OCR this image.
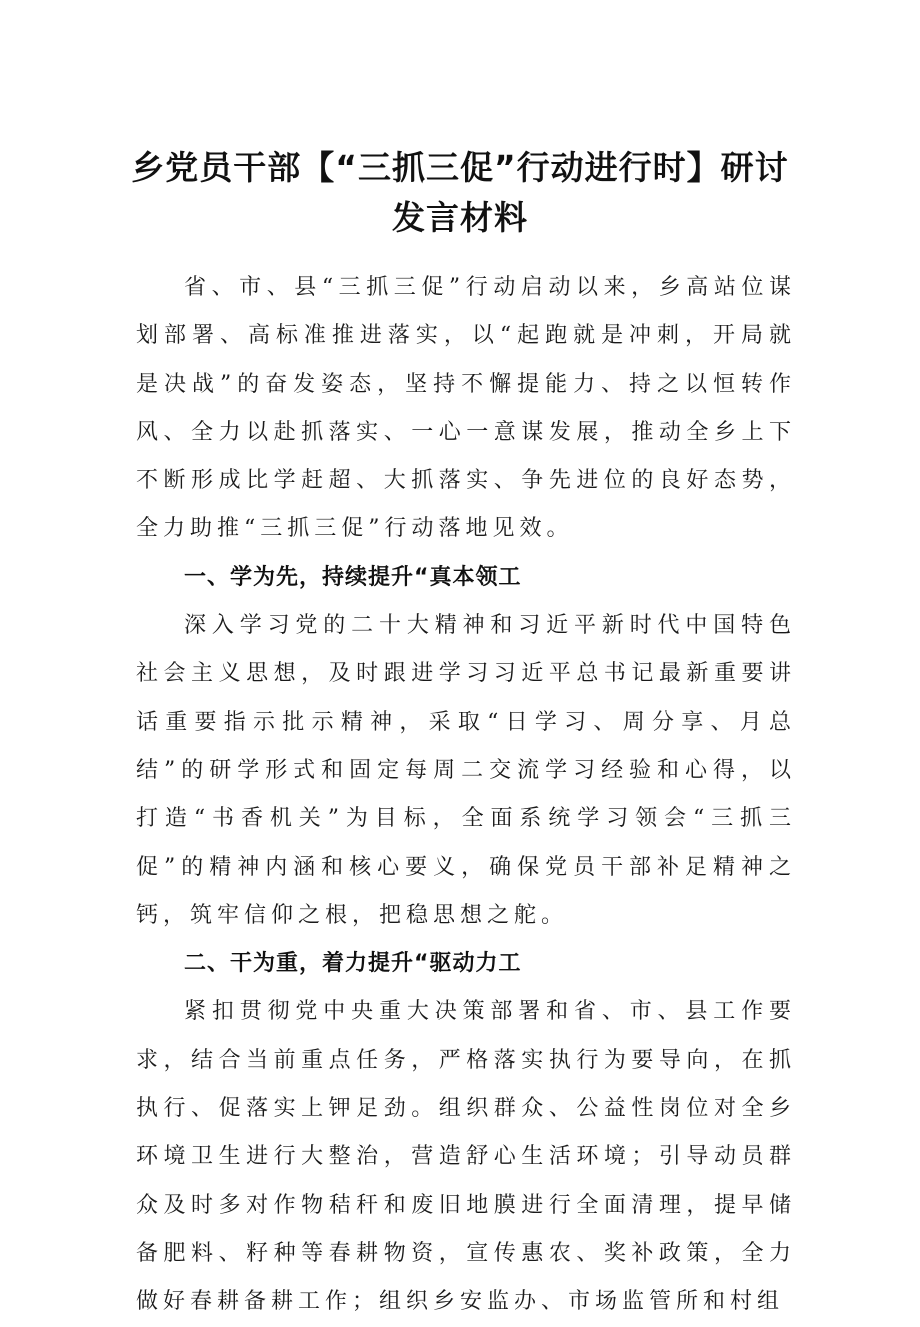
乡党员干部【“三抓三促”行动进行时】研讨
发言材料

省、市、县“三抓三促”行动启动以来，乡高站位谋划部署、高标准推进落实，以“起跑就是冲刺，开局就是决战”的奋发姿态，坚持不懈提能力、持之以恒转作风、全力以赴抓落实、一心一意谋发展，推动全乡上下不断形成比学赶超、大抓落实、争先进位的良好态势，全力助推“三抓三促”行动落地见效。

一、学为先，持续提升“真本领工

深入学习党的二十大精神和习近平新时代中国特色社会主义思想，及时跟进学习习近平总书记最新重要讲话重要指示批示精神，采取“日学习、周分享、月总结”的研学形式和固定每周二交流学习经验和心得，以打造“书香机关”为目标，全面系统学习领会“三抓三促”的精神内涵和核心要义，确保党员干部补足精神之钙，筑牢信仰之根，把稳思想之舵。

二、干为重，着力提升“驱动力工

紧扣贯彻党中央重大决策部署和省、市、县工作要求，结合当前重点任务，严格落实执行为要导向，在抓执行、促落实上钾足劲。组织群众、公益性岗位对全乡环境卫生进行大整治，营造舒心生活环境；引导动员群众及时多对作物秸秆和废旧地膜进行全面清理，提早储备肥料、籽种等春耕物资，宣传惠农、奖补政策，全力做好春耕备耕工作；组织乡安监办、市场监管所和村组
